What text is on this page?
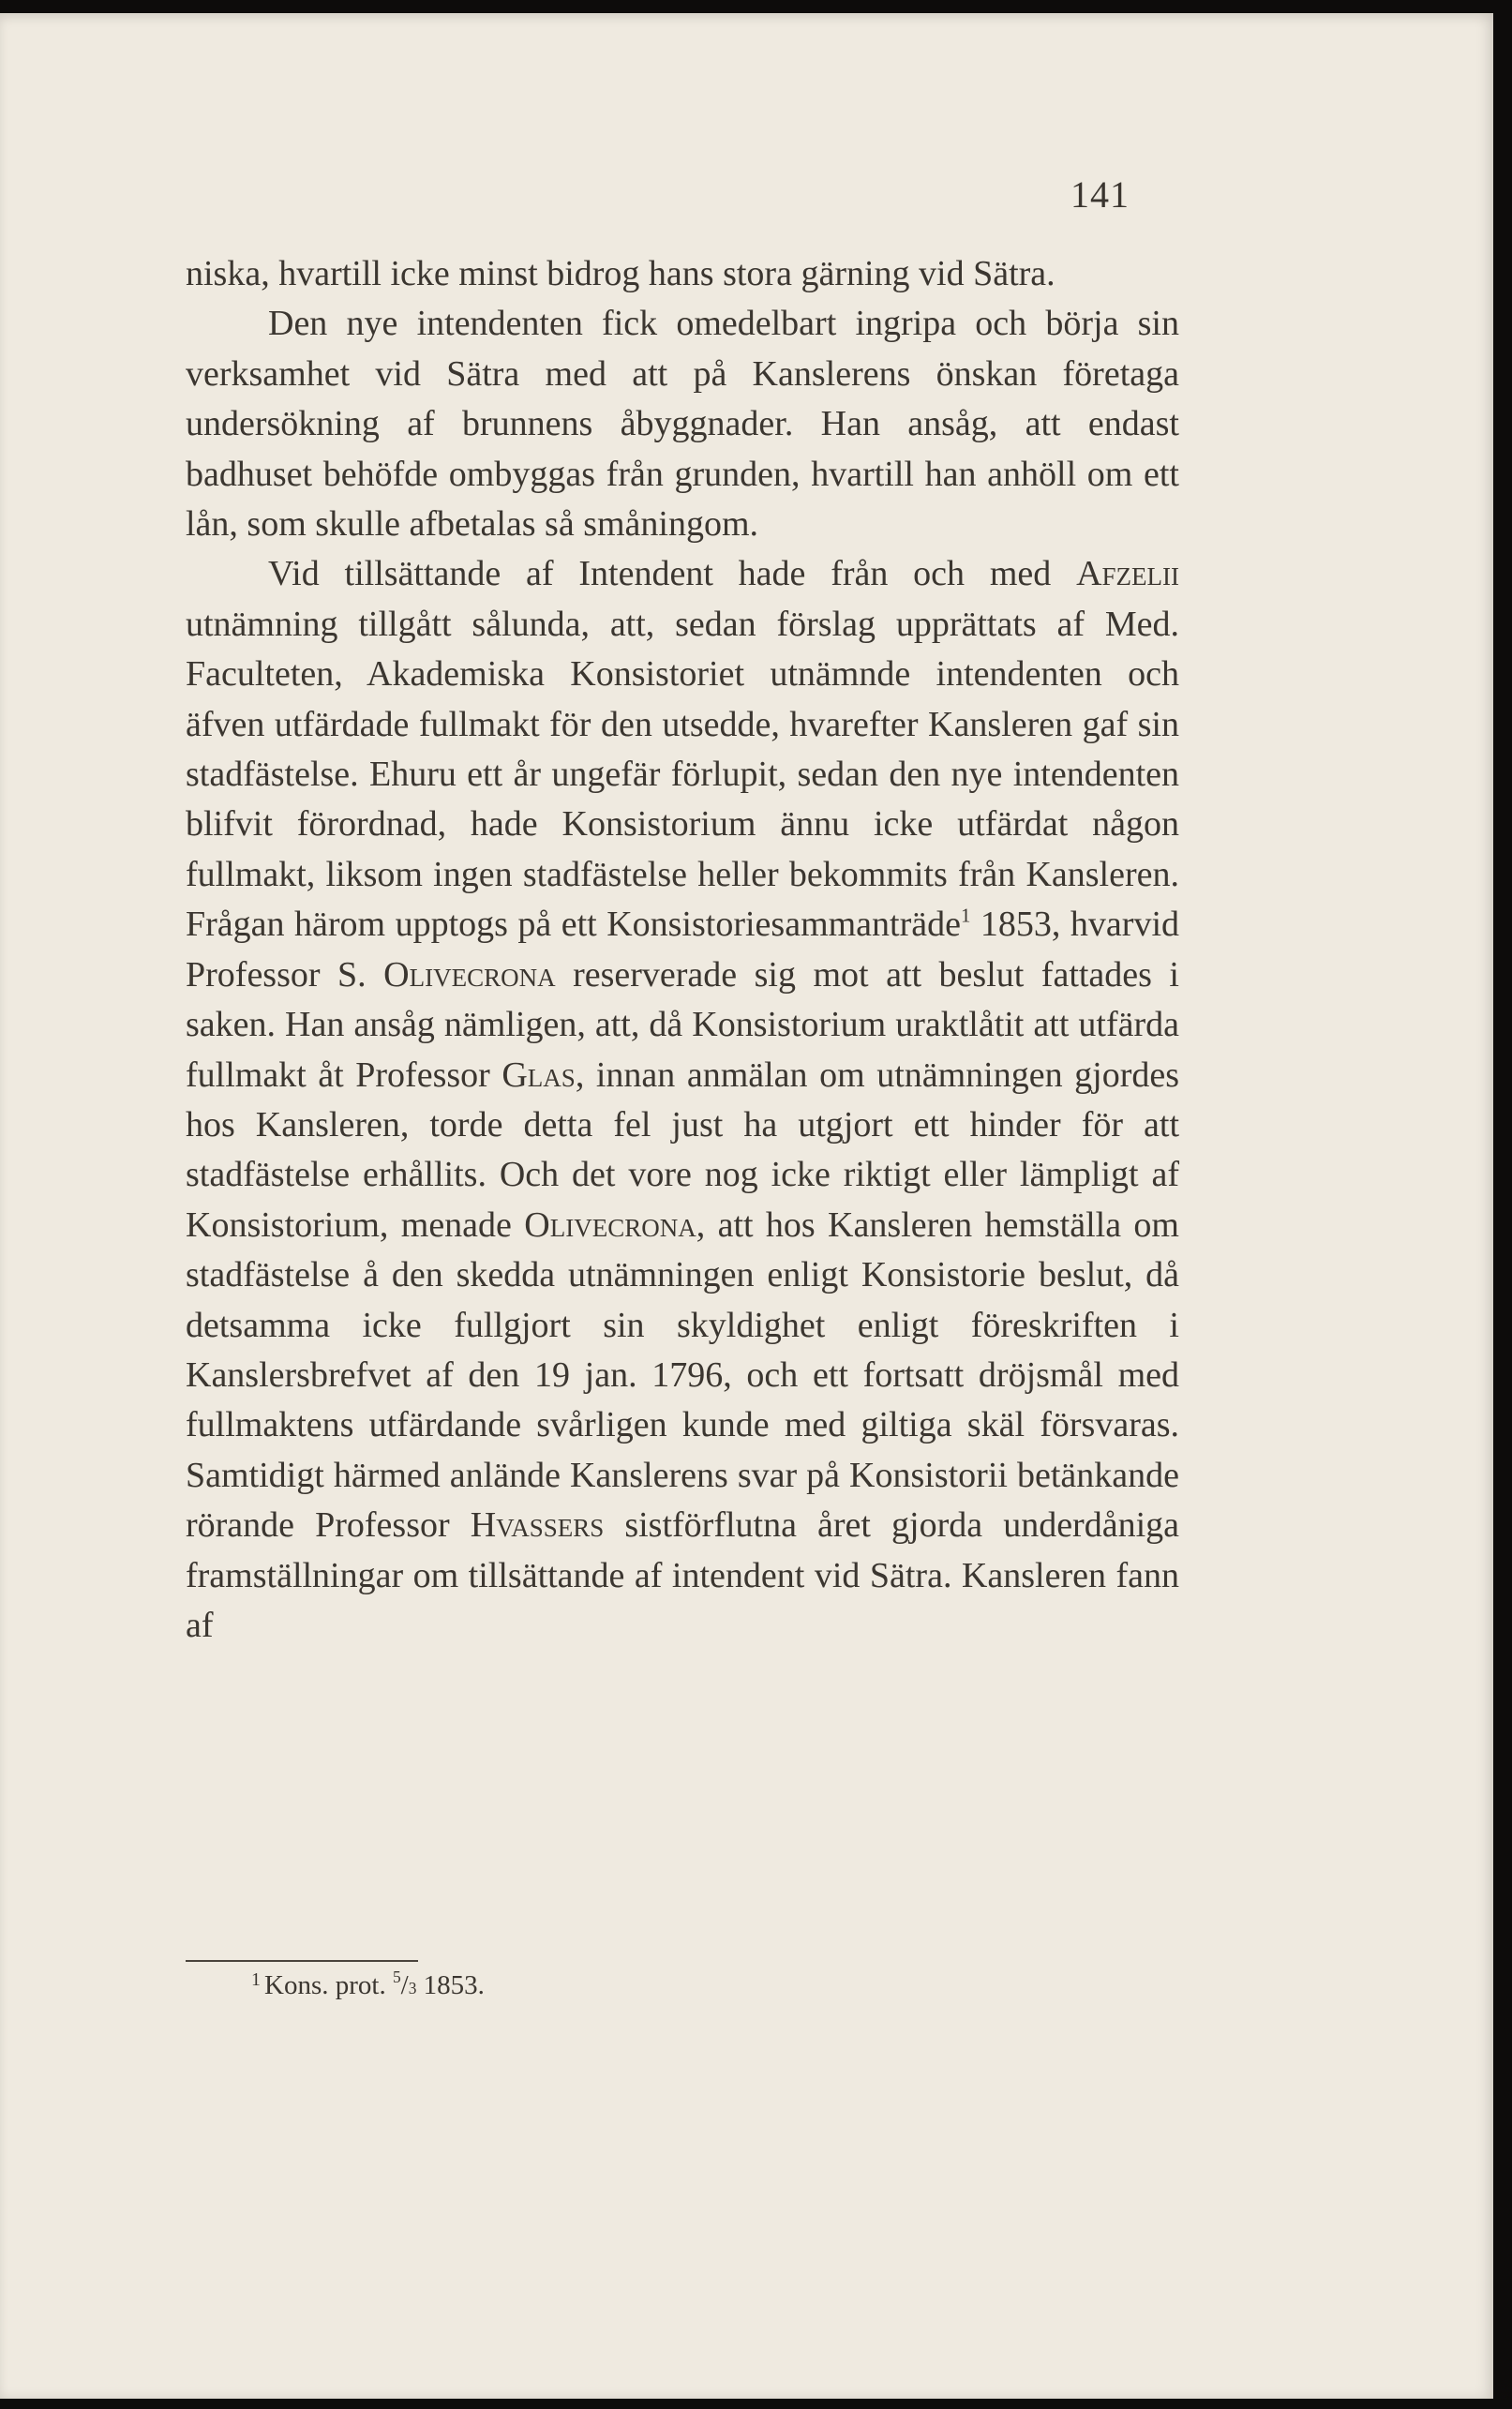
141

niska, hvartill icke minst bidrog hans stora gärning vid Sätra.

Den nye intendenten fick omedelbart ingripa och börja sin verksamhet vid Sätra med att på Kanslerens önskan företaga undersökning af brunnens åbyggnader. Han ansåg, att endast badhuset behöfde ombyggas från grunden, hvartill han anhöll om ett lån, som skulle afbetalas så småningom.

Vid tillsättande af Intendent hade från och med Afzelii utnämning tillgått sålunda, att, sedan förslag upprättats af Med. Faculteten, Akademiska Konsistoriet utnämnde intendenten och äfven utfärdade fullmakt för den utsedde, hvarefter Kansleren gaf sin stadfästelse. Ehuru ett år ungefär förlupit, sedan den nye intendenten blifvit förordnad, hade Konsistorium ännu icke utfärdat någon fullmakt, liksom ingen stadfästelse heller bekommits från Kansleren. Frågan härom upptogs på ett Konsistoriesammanträde$^1$ 1853, hvarvid Professor S. Olivecrona reserverade sig mot att beslut fattades i saken. Han ansåg nämligen, att, då Konsistorium uraktlåtit att utfärda fullmakt åt Professor Glas, innan anmälan om utnämningen gjordes hos Kansleren, torde detta fel just ha utgjort ett hinder för att stadfästelse erhållits. Och det vore nog icke riktigt eller lämpligt af Konsistorium, menade Olivecrona, att hos Kansleren hemställa om stadfästelse å den skedda utnämningen enligt Konsistorie beslut, då detsamma icke fullgjort sin skyldighet enligt föreskriften i Kanslersbrefvet af den 19 jan. 1796, och ett fortsatt dröjsmål med fullmaktens utfärdande svårligen kunde med giltiga skäl försvaras. Samtidigt härmed anlände Kanslerens svar på Konsistorii betänkande rörande Professor Hvassers sistförflutna året gjorda underdåniga framställningar om tillsättande af intendent vid Sätra. Kansleren fann af

1 Kons. prot. $^5$/3 1853.
